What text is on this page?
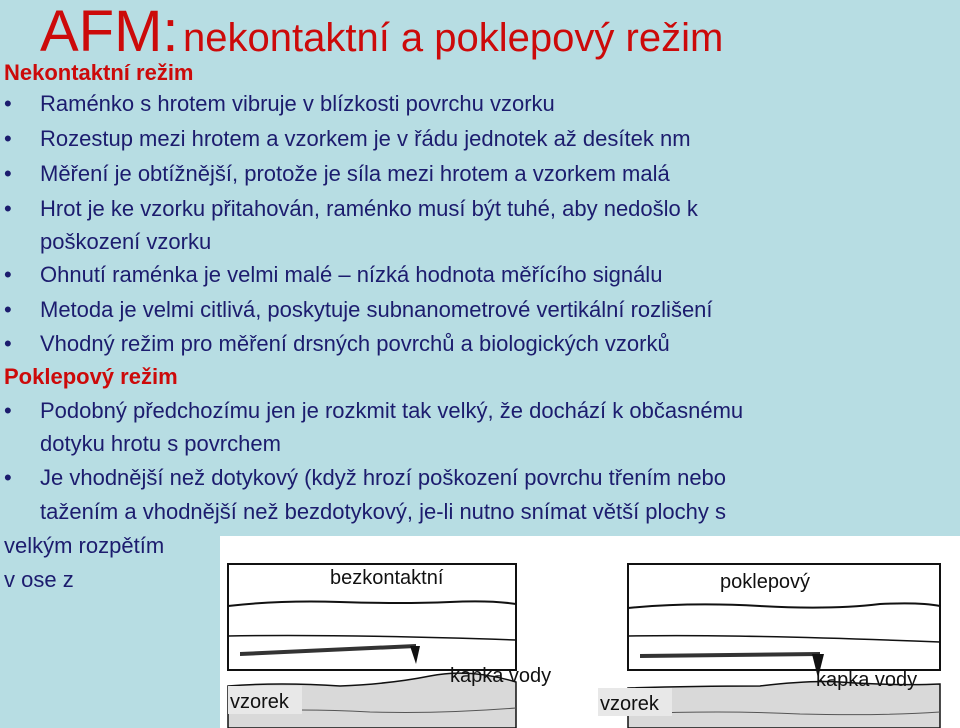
AFM: nekontaktní a poklepový režim
Nekontaktní režim
• Raménko s hrotem vibruje v blízkosti povrchu vzorku
• Rozestup mezi hrotem a vzorkem je v řádu jednotek až desítek nm
• Měření je obtížnější, protože je síla mezi hrotem a vzorkem malá
• Hrot je ke vzorku přitahován, raménko musí být tuhé, aby nedošlo k
poškození vzorku
• Ohnutí raménka je velmi malé – nízká hodnota měřícího signálu
• Metoda je velmi citlivá, poskytuje subnanometrové vertikální rozlišení
• Vhodný režim pro měření drsných povrchů a biologických vzorků
Poklepový režim
• Podobný předchozímu jen je rozkmit tak velký, že dochází k občasnému
dotyku hrotu s povrchem
• Je vhodnější než dotykový (když hrozí poškození povrchu třením nebo
tažením a vhodnější než bezdotykový, je-li nutno snímat větší plochy s
velkým rozpětím
v ose z	bezkontaktní
kapka vody
vzorek
poklepový
kapka vody
vzorek
